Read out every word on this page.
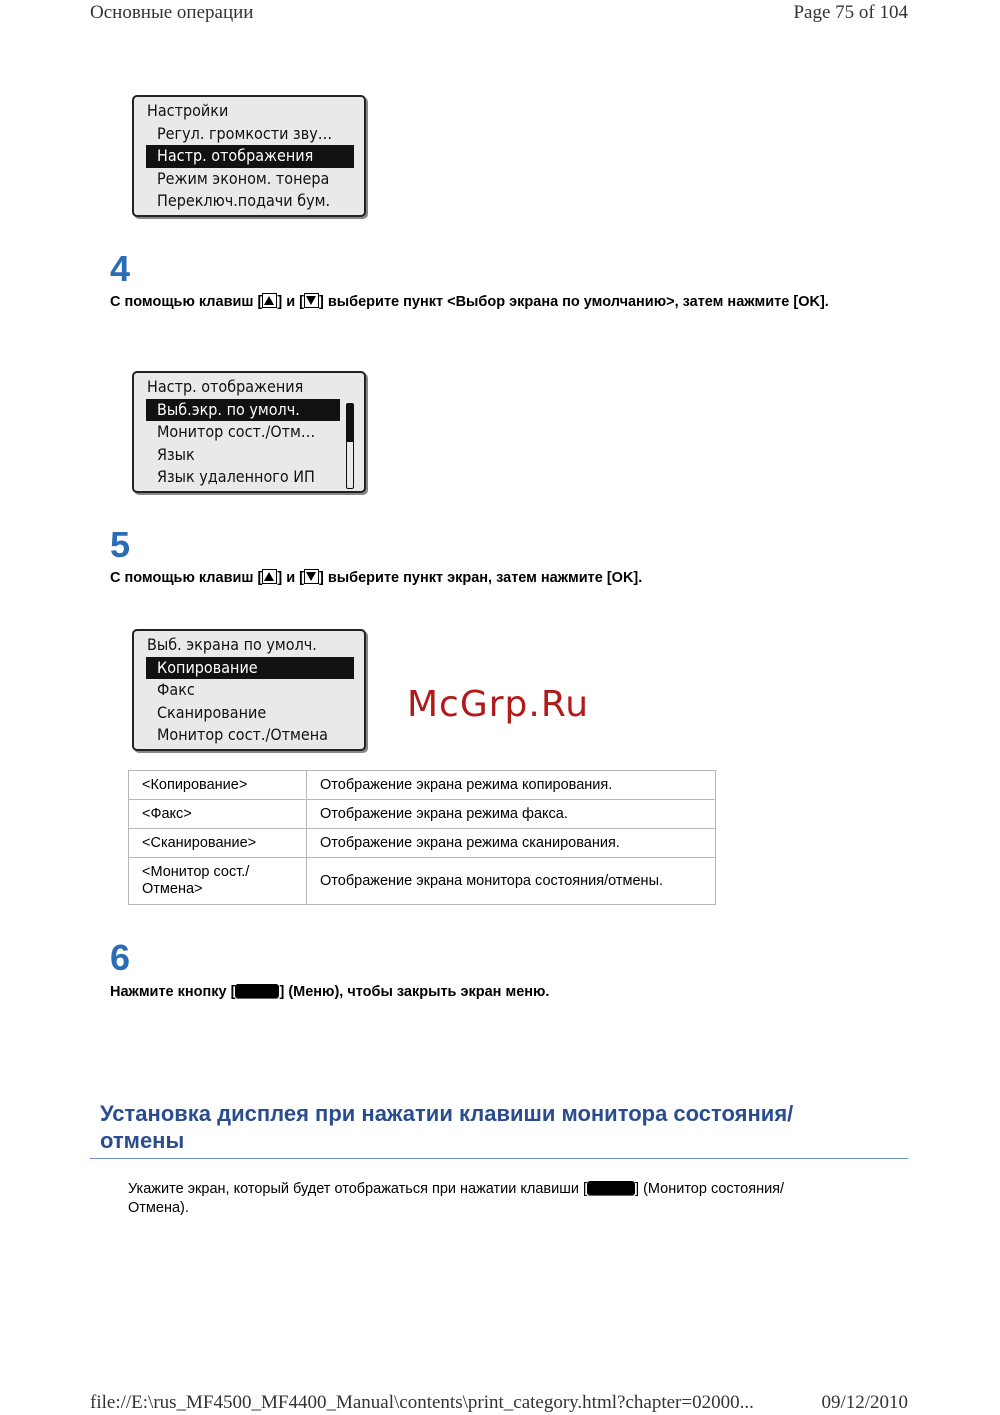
Основные операции	Page 75 of 104
Настройки
Регул. громкости зву…
Настр. отображения
Режим эконом. тонера
Переключ.подачи бум.
4
С помощью клавиш [ ] и [ ] выберите пункт <Выбор экрана по умолчанию>, затем нажмите [OK].
Настр. отображения
Выб.экр. по умолч.
Монитор сост./Отм…
Язык
Язык удаленного ИП
5
С помощью клавиш [ ] и [ ] выберите пункт экран, затем нажмите [OK].
Выб. экрана по умолч.
Копирование
Факс
Сканирование
Монитор сост./Отмена
McGrp.Ru
<Копирование>	Отображение экрана режима копирования.
<Факс>	Отображение экрана режима факса.
<Сканирование>	Отображение экрана режима сканирования.
<Монитор сост./Отмена>	Отображение экрана монитора состояния/отмены.
6
Нажмите кнопку [	] (Меню), чтобы закрыть экран меню.
Установка дисплея при нажатии клавиши монитора состояния/отмены
Укажите экран, который будет отображаться при нажатии клавиши [	] (Монитор состояния/Отмена).
file://E:\rus_MF4500_MF4400_Manual\contents\print_category.html?chapter=02000...	09/12/2010
